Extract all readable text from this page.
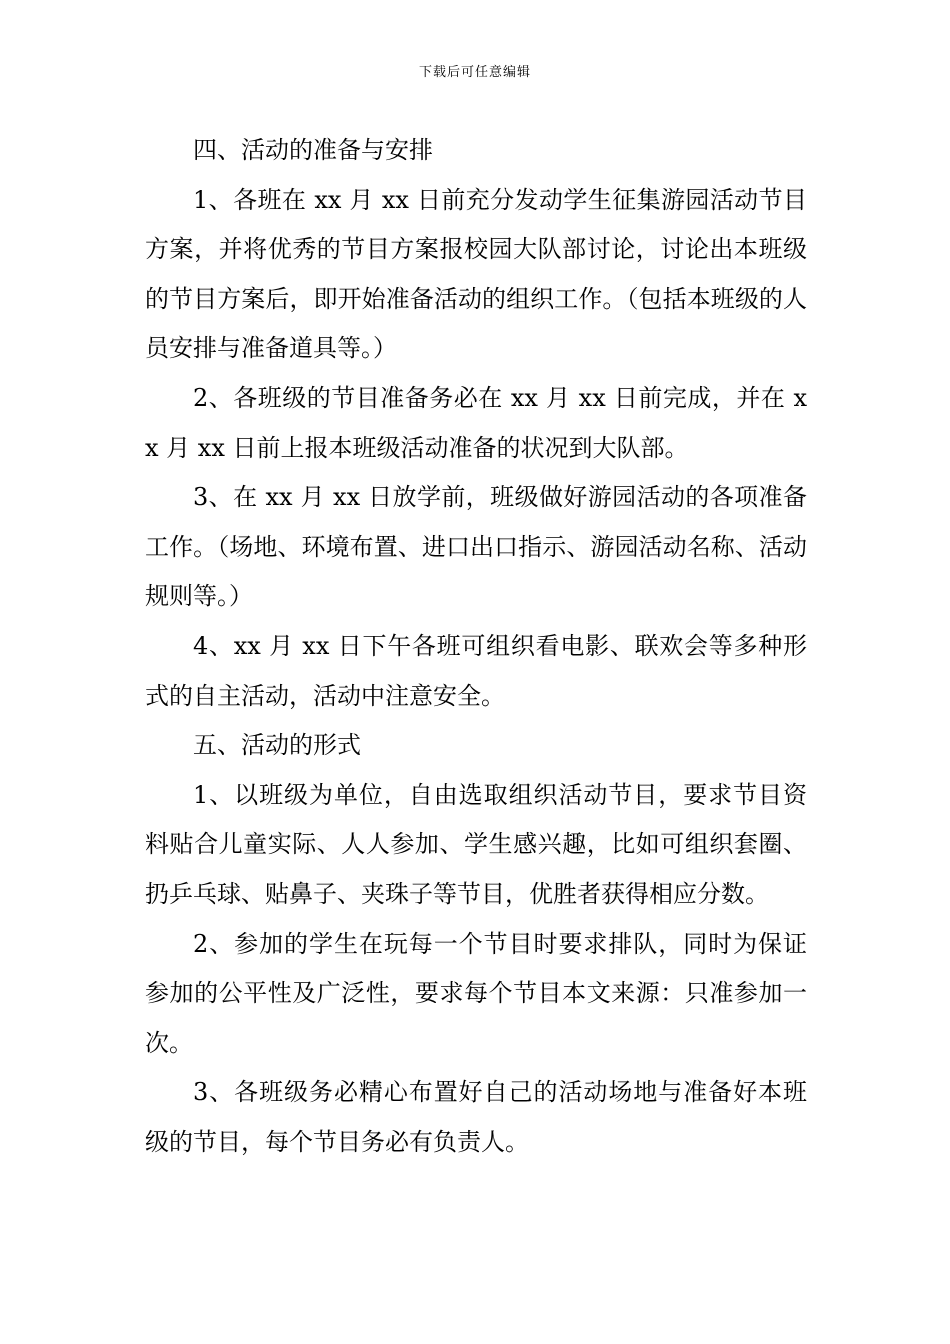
下载后可任意编辑

四、活动的准备与安排

1、各班在 xx 月 xx 日前充分发动学生征集游园活动节目方案，并将优秀的节目方案报校园大队部讨论，讨论出本班级的节目方案后，即开始准备活动的组织工作。（包括本班级的人员安排与准备道具等。）

2、各班级的节目准备务必在 xx 月 xx 日前完成，并在 xx 月 xx 日前上报本班级活动准备的状况到大队部。

3、在 xx 月 xx 日放学前，班级做好游园活动的各项准备工作。（场地、环境布置、进口出口指示、游园活动名称、活动规则等。）

4、xx 月 xx 日下午各班可组织看电影、联欢会等多种形式的自主活动，活动中注意安全。

五、活动的形式

1、以班级为单位，自由选取组织活动节目，要求节目资料贴合儿童实际、人人参加、学生感兴趣，比如可组织套圈、扔乒乓球、贴鼻子、夹珠子等节目，优胜者获得相应分数。

2、参加的学生在玩每一个节目时要求排队，同时为保证参加的公平性及广泛性，要求每个节目本文来源：只准参加一次。

3、各班级务必精心布置好自己的活动场地与准备好本班级的节目，每个节目务必有负责人。
